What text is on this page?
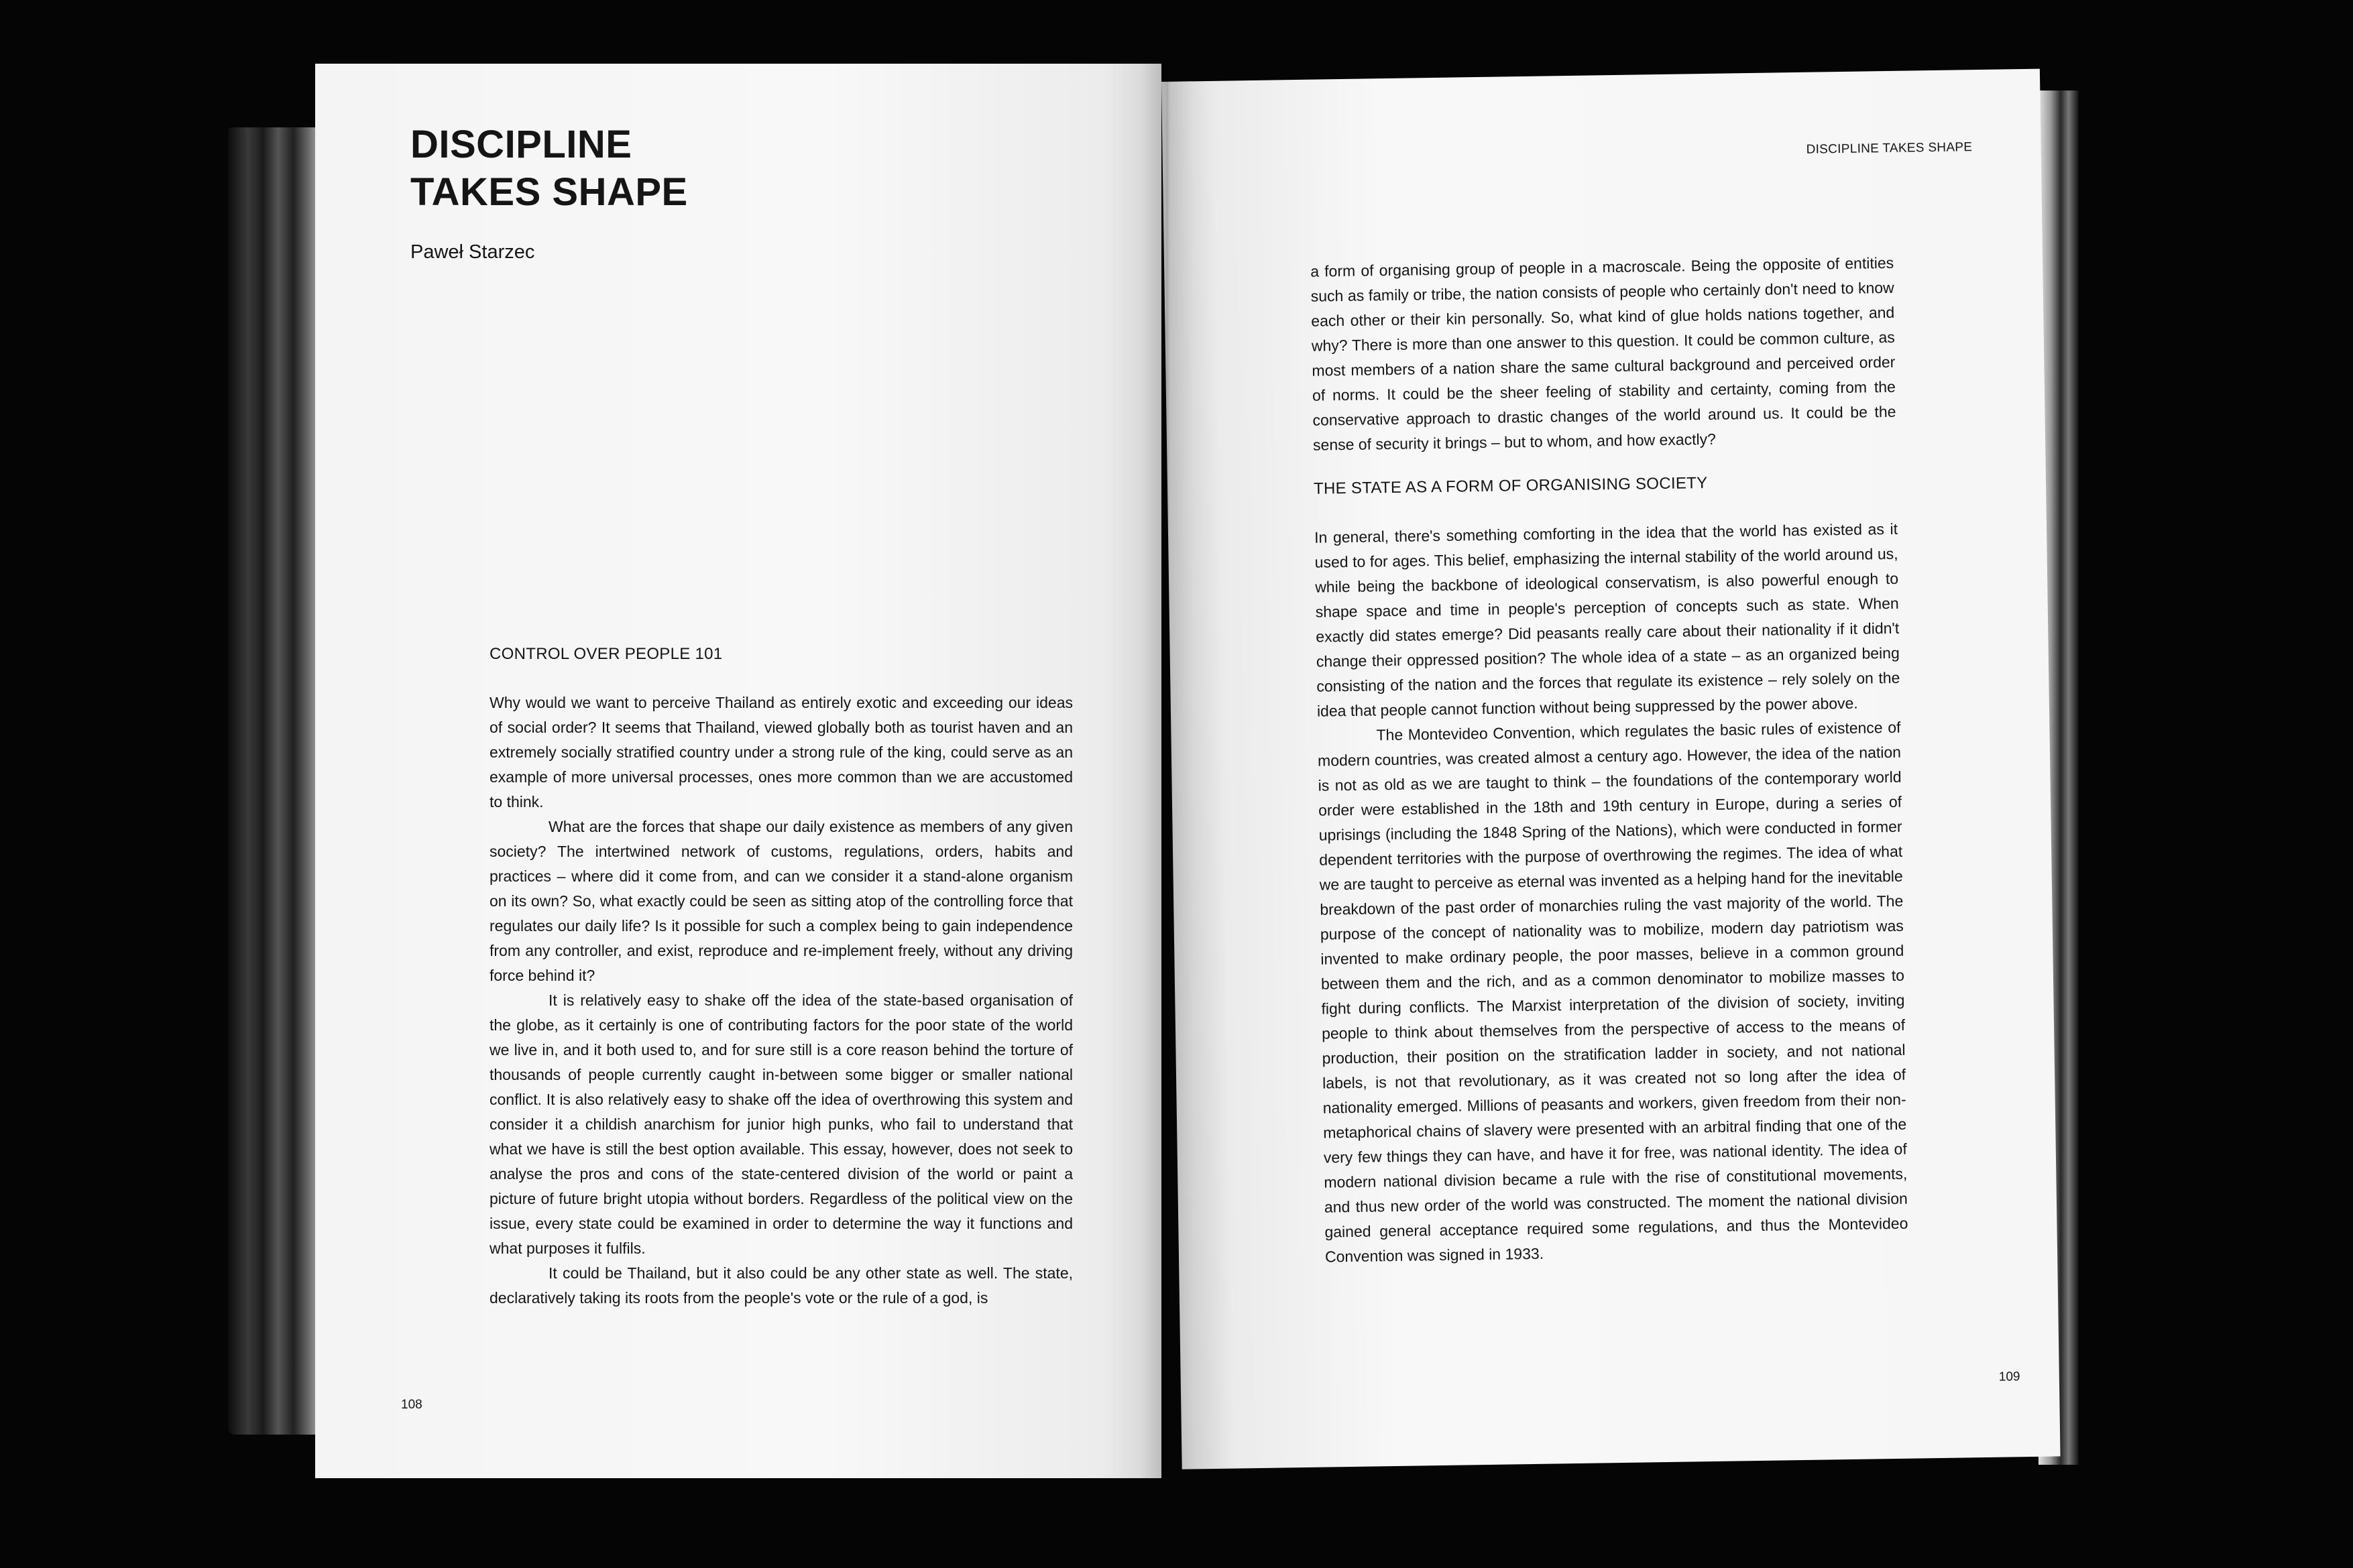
DISCIPLINE
TAKES SHAPE
Paweł Starzec
CONTROL OVER PEOPLE 101

Why would we want to perceive Thailand as entirely exotic and exceeding our ideas of social order? It seems that Thailand, viewed globally both as tourist haven and an extremely socially stratified country under a strong rule of the king, could serve as an example of more universal processes, ones more common than we are accustomed to think.

What are the forces that shape our daily existence as members of any given society? The intertwined network of customs, regulations, orders, habits and practices – where did it come from, and can we consider it a stand-alone organism on its own? So, what exactly could be seen as sitting atop of the controlling force that regulates our daily life? Is it possible for such a complex being to gain independence from any controller, and exist, reproduce and re-implement freely, without any driving force behind it?

It is relatively easy to shake off the idea of the state-based organisation of the globe, as it certainly is one of contributing factors for the poor state of the world we live in, and it both used to, and for sure still is a core reason behind the torture of thousands of people currently caught in-between some bigger or smaller national conflict. It is also relatively easy to shake off the idea of overthrowing this system and consider it a childish anarchism for junior high punks, who fail to understand that what we have is still the best option available. This essay, however, does not seek to analyse the pros and cons of the state-centered division of the world or paint a picture of future bright utopia without borders. Regardless of the political view on the issue, every state could be examined in order to determine the way it functions and what purposes it fulfils.

It could be Thailand, but it also could be any other state as well. The state, declaratively taking its roots from the people's vote or the rule of a god, is

108
DISCIPLINE TAKES SHAPE

a form of organising group of people in a macroscale. Being the opposite of entities such as family or tribe, the nation consists of people who certainly don't need to know each other or their kin personally. So, what kind of glue holds nations together, and why? There is more than one answer to this question. It could be common culture, as most members of a nation share the same cultural background and perceived order of norms. It could be the sheer feeling of stability and certainty, coming from the conservative approach to drastic changes of the world around us. It could be the sense of security it brings – but to whom, and how exactly?

THE STATE AS A FORM OF ORGANISING SOCIETY

In general, there's something comforting in the idea that the world has existed as it used to for ages. This belief, emphasizing the internal stability of the world around us, while being the backbone of ideological conservatism, is also powerful enough to shape space and time in people's perception of concepts such as state. When exactly did states emerge? Did peasants really care about their nationality if it didn't change their oppressed position? The whole idea of a state – as an organized being consisting of the nation and the forces that regulate its existence – rely solely on the idea that people cannot function without being suppressed by the power above.

The Montevideo Convention, which regulates the basic rules of existence of modern countries, was created almost a century ago. However, the idea of the nation is not as old as we are taught to think – the foundations of the contemporary world order were established in the 18th and 19th century in Europe, during a series of uprisings (including the 1848 Spring of the Nations), which were conducted in former dependent territories with the purpose of overthrowing the regimes. The idea of what we are taught to perceive as eternal was invented as a helping hand for the inevitable breakdown of the past order of monarchies ruling the vast majority of the world. The purpose of the concept of nationality was to mobilize, modern day patriotism was invented to make ordinary people, the poor masses, believe in a common ground between them and the rich, and as a common denominator to mobilize masses to fight during conflicts. The Marxist interpretation of the division of society, inviting people to think about themselves from the perspective of access to the means of production, their position on the stratification ladder in society, and not national labels, is not that revolutionary, as it was created not so long after the idea of nationality emerged. Millions of peasants and workers, given freedom from their non-metaphorical chains of slavery were presented with an arbitral finding that one of the very few things they can have, and have it for free, was national identity. The idea of modern national division became a rule with the rise of constitutional movements, and thus new order of the world was constructed. The moment the national division gained general acceptance required some regulations, and thus the Montevideo Convention was signed in 1933.

109
